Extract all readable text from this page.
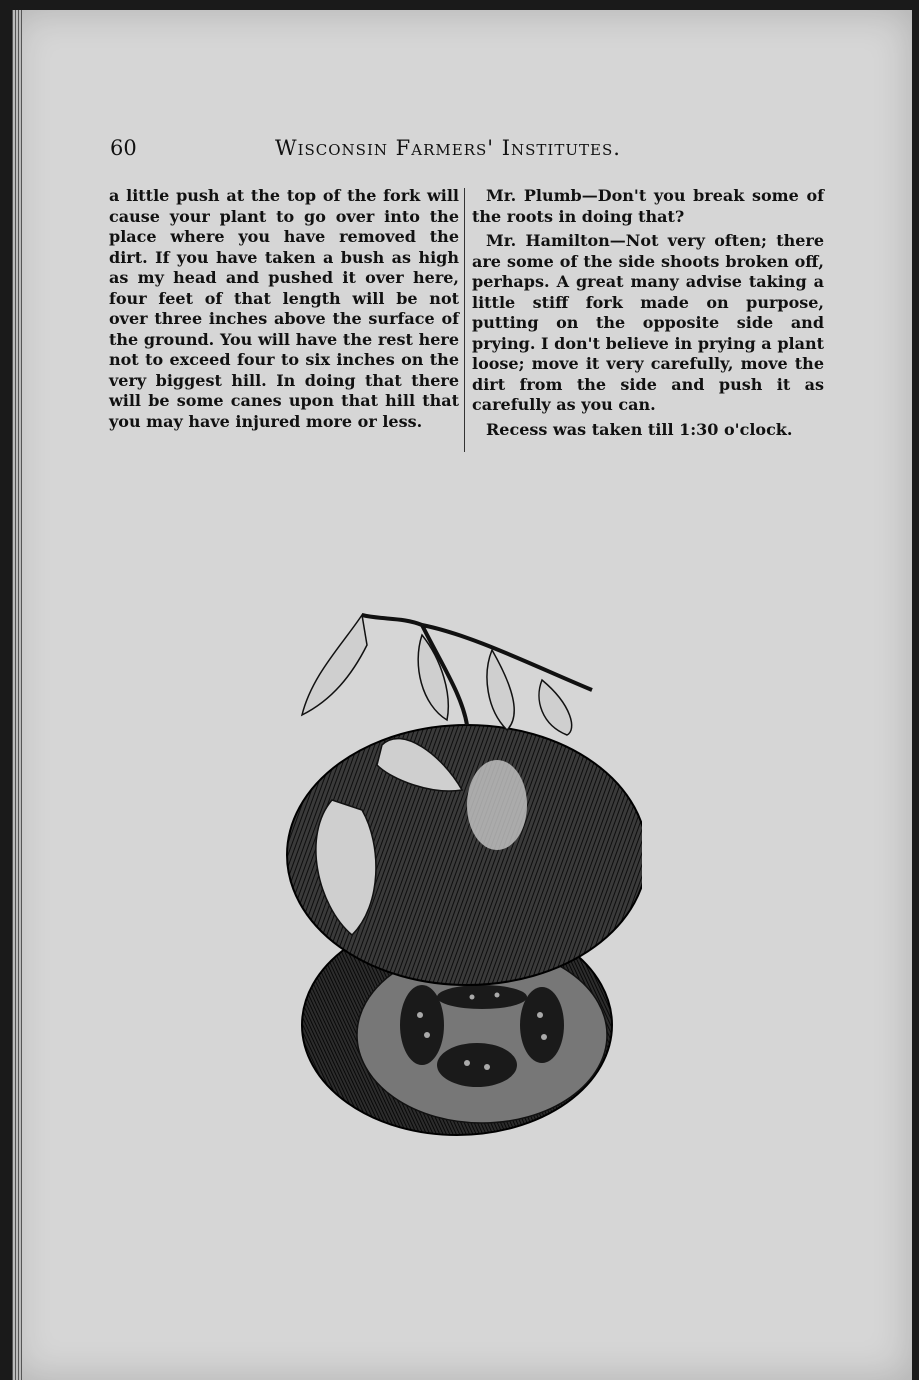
60	Wisconsin Farmers' Institutes.

a little push at the top of the fork will cause your plant to go over into the place where you have removed the dirt. If you have taken a bush as high as my head and pushed it over here, four feet of that length will be not over three inches above the surface of the ground. You will have the rest here not to exceed four to six inches on the very biggest hill. In doing that there will be some canes upon that hill that you may have injured more or less.

Mr. Plumb—Don't you break some of the roots in doing that?

Mr. Hamilton—Not very often; there are some of the side shoots broken off, perhaps. A great many advise taking a little stiff fork made on purpose, putting on the opposite side and prying. I don't believe in prying a plant loose; move it very carefully, move the dirt from the side and push it as carefully as you can.

Recess was taken till 1:30 o'clock.
